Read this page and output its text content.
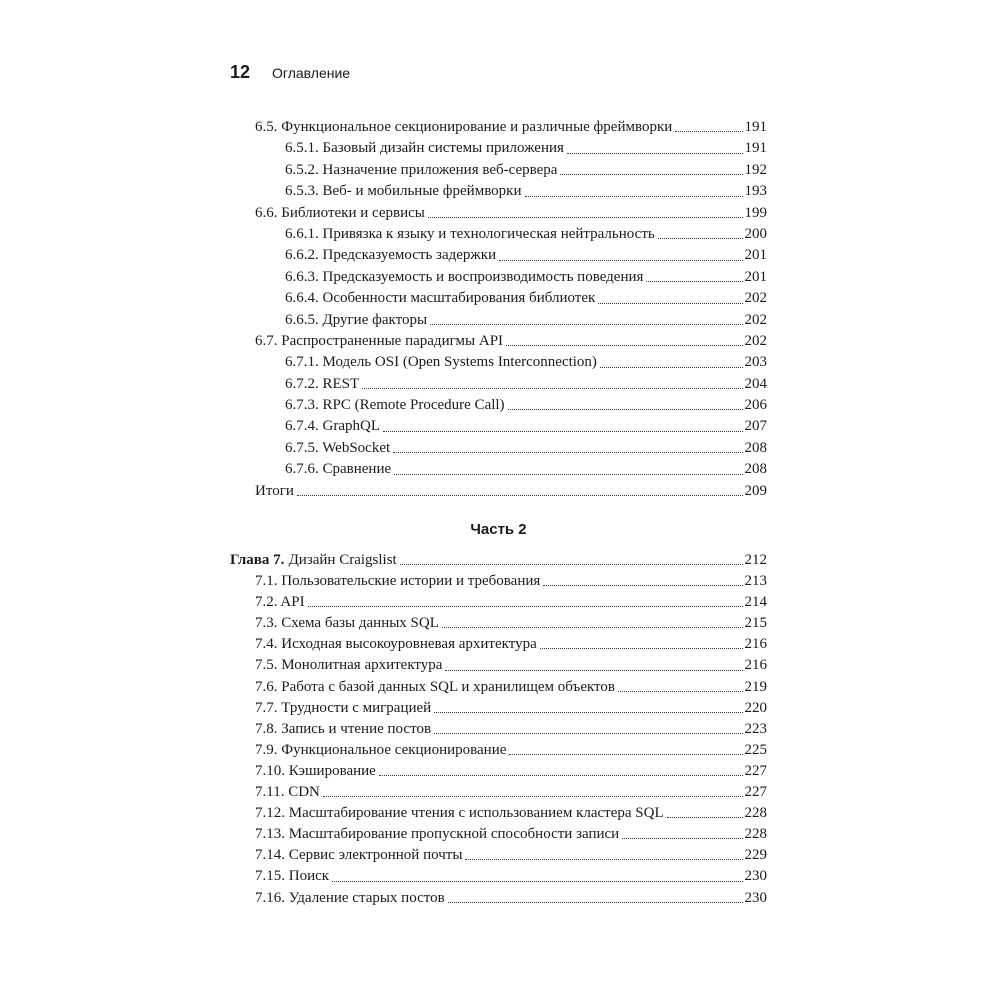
12 Оглавление
6.5. Функциональное секционирование и различные фреймворки	191
6.5.1. Базовый дизайн системы приложения	191
6.5.2. Назначение приложения веб-сервера	192
6.5.3. Веб- и мобильные фреймворки	193
6.6. Библиотеки и сервисы	199
6.6.1. Привязка к языку и технологическая нейтральность	200
6.6.2. Предсказуемость задержки	201
6.6.3. Предсказуемость и воспроизводимость поведения	201
6.6.4. Особенности масштабирования библиотек	202
6.6.5. Другие факторы	202
6.7. Распространенные парадигмы API	202
6.7.1. Модель OSI (Open Systems Interconnection)	203
6.7.2. REST	204
6.7.3. RPC (Remote Procedure Call)	206
6.7.4. GraphQL	207
6.7.5. WebSocket	208
6.7.6. Сравнение	208
Итоги	209
Часть 2
Глава 7. Дизайн Craigslist	212
7.1. Пользовательские истории и требования	213
7.2. API	214
7.3. Схема базы данных SQL	215
7.4. Исходная высокоуровневая архитектура	216
7.5. Монолитная архитектура	216
7.6. Работа с базой данных SQL и хранилищем объектов	219
7.7. Трудности с миграцией	220
7.8. Запись и чтение постов	223
7.9. Функциональное секционирование	225
7.10. Кэширование	227
7.11. CDN	227
7.12. Масштабирование чтения с использованием кластера SQL	228
7.13. Масштабирование пропускной способности записи	228
7.14. Сервис электронной почты	229
7.15. Поиск	230
7.16. Удаление старых постов	230
